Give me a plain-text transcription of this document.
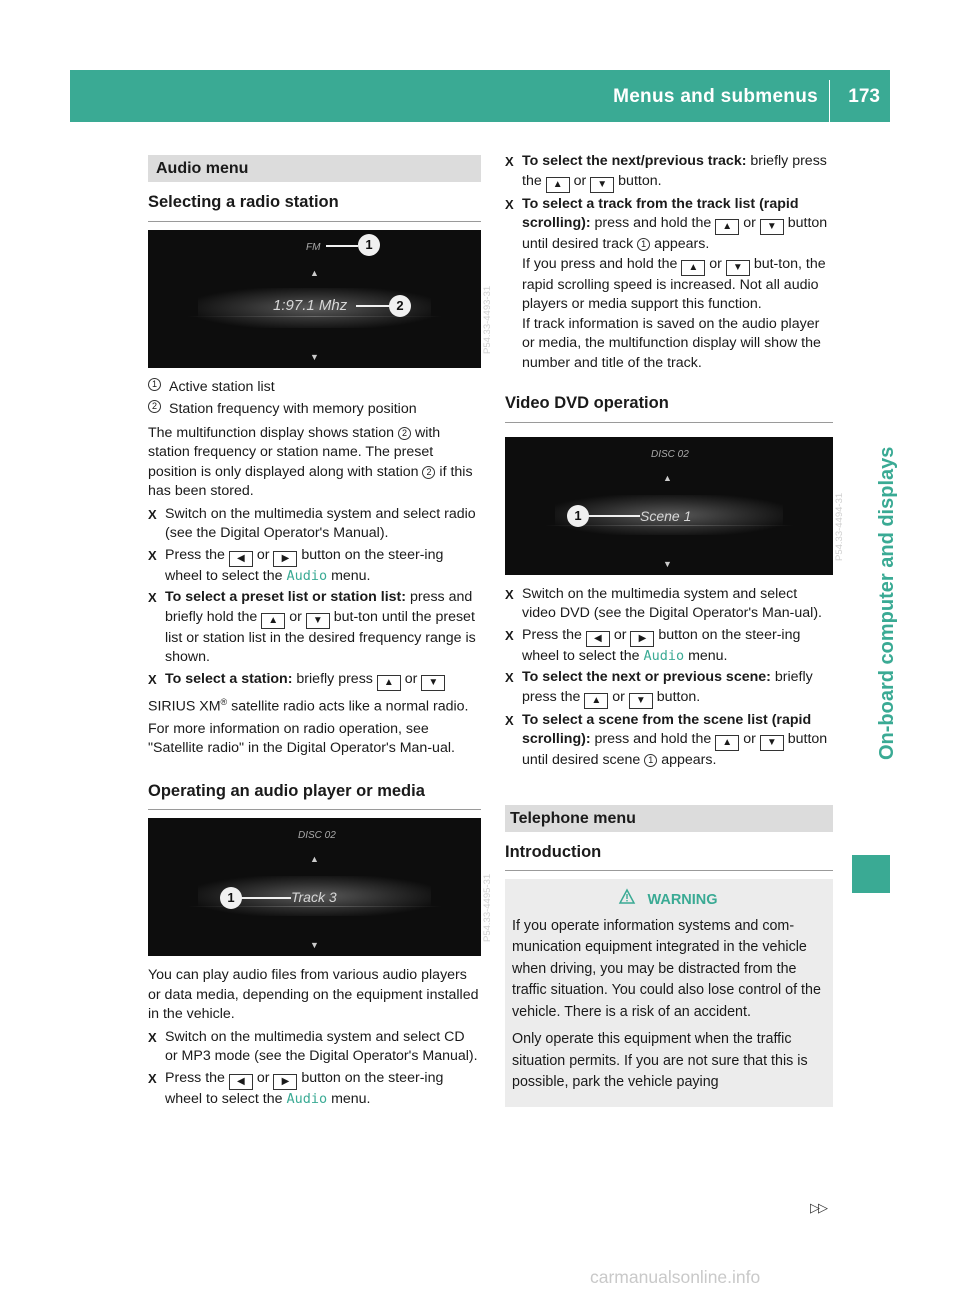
Menus and submenus 173
On-board computer and displays
Audio menu
Selecting a radio station
FM	1
▲
1:97.1 Mhz	2
▼
P54.33-4493-31
1 Active station list
2 Station frequency with memory position

The multifunction display shows station 2 with station frequency or station name. The preset position is only displayed along with station 2 if this has been stored.

X Switch on the multimedia system and select radio (see the Digital Operator's Manual).
X Press the ◀ or ▶ button on the steer-ing wheel to select the Audio menu.
X To select a preset list or station list: press and briefly hold the ▲ or ▼ but-ton until the preset list or station list in the desired frequency range is shown.
X To select a station: briefly press ▲ or ▼

SIRIUS XM® satellite radio acts like a normal radio.

For more information on radio operation, see "Satellite radio" in the Digital Operator's Man-ual.

Operating an audio player or media
DISC 02
▲
1	Track 3
▼
P54.33-4495-31

You can play audio files from various audio players or data media, depending on the equipment installed in the vehicle.

X Switch on the multimedia system and select CD or MP3 mode (see the Digital Operator's Manual).
X Press the ◀ or ▶ button on the steer-ing wheel to select the Audio menu.
X To select the next/previous track: briefly press the ▲ or ▼ button.
X To select a track from the track list (rapid scrolling): press and hold the ▲ or ▼ button until desired track 1 appears.
If you press and hold the ▲ or ▼ but-ton, the rapid scrolling speed is increased. Not all audio players or media support this function.
If track information is saved on the audio player or media, the multifunction display will show the number and title of the track.
Video DVD operation
DISC 02
▲
1	Scene 1
▼
P54.33-4494-31
X Switch on the multimedia system and select video DVD (see the Digital Operator's Man-ual).
X Press the ◀ or ▶ button on the steer-ing wheel to select the Audio menu.
X To select the next or previous scene: briefly press the ▲ or ▼ button.
X To select a scene from the scene list (rapid scrolling): press and hold the ▲ or ▼ button until desired scene 1 appears.
Telephone menu
Introduction
WARNING

If you operate information systems and com-munication equipment integrated in the vehicle when driving, you may be distracted from the traffic situation. You could also lose control of the vehicle. There is a risk of an accident.

Only operate this equipment when the traffic situation permits. If you are not sure that this is possible, park the vehicle paying

▷▷
carmanualsonline.info
